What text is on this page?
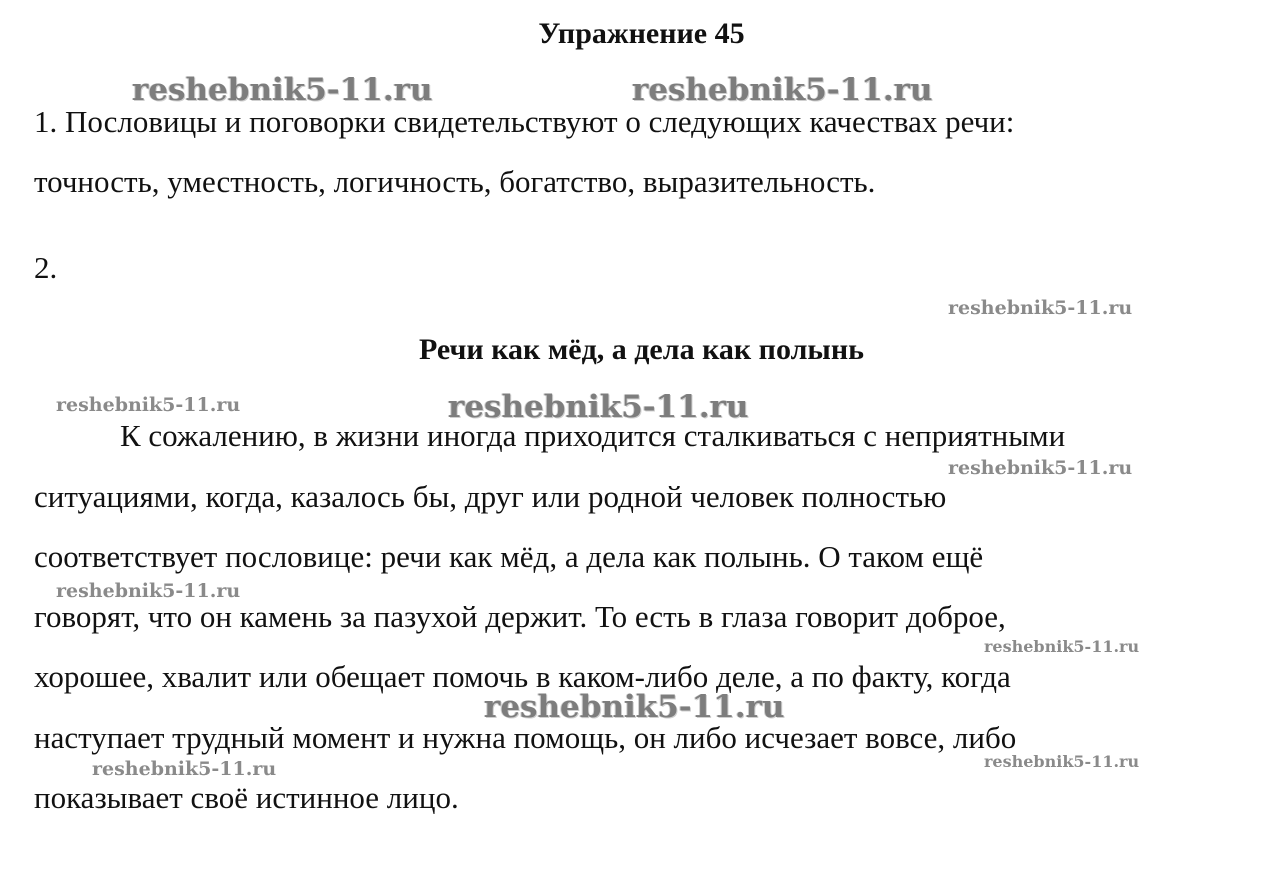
Упражнение 45
1. Пословицы и поговорки свидетельствуют о следующих качествах речи:
точность, уместность, логичность, богатство, выразительность.
2.
Речи как мёд, а дела как полынь
К сожалению, в жизни иногда приходится сталкиваться с неприятными
ситуациями, когда, казалось бы, друг или родной человек полностью
соответствует пословице: речи как мёд, а дела как полынь. О таком ещё
говорят, что он камень за пазухой держит. То есть в глаза говорит доброе,
хорошее, хвалит или обещает помочь в каком-либо деле, а по факту, когда
наступает трудный момент и нужна помощь, он либо исчезает вовсе, либо
показывает своё истинное лицо.
reshebnik5-11.ru	reshebnik5-11.ru
reshebnik5-11.ru
reshebnik5-11.ru	reshebnik5-11.ru
reshebnik5-11.ru
reshebnik5-11.ru
reshebnik5-11.ru
reshebnik5-11.ru
reshebnik5-11.ru	reshebnik5-11.ru
